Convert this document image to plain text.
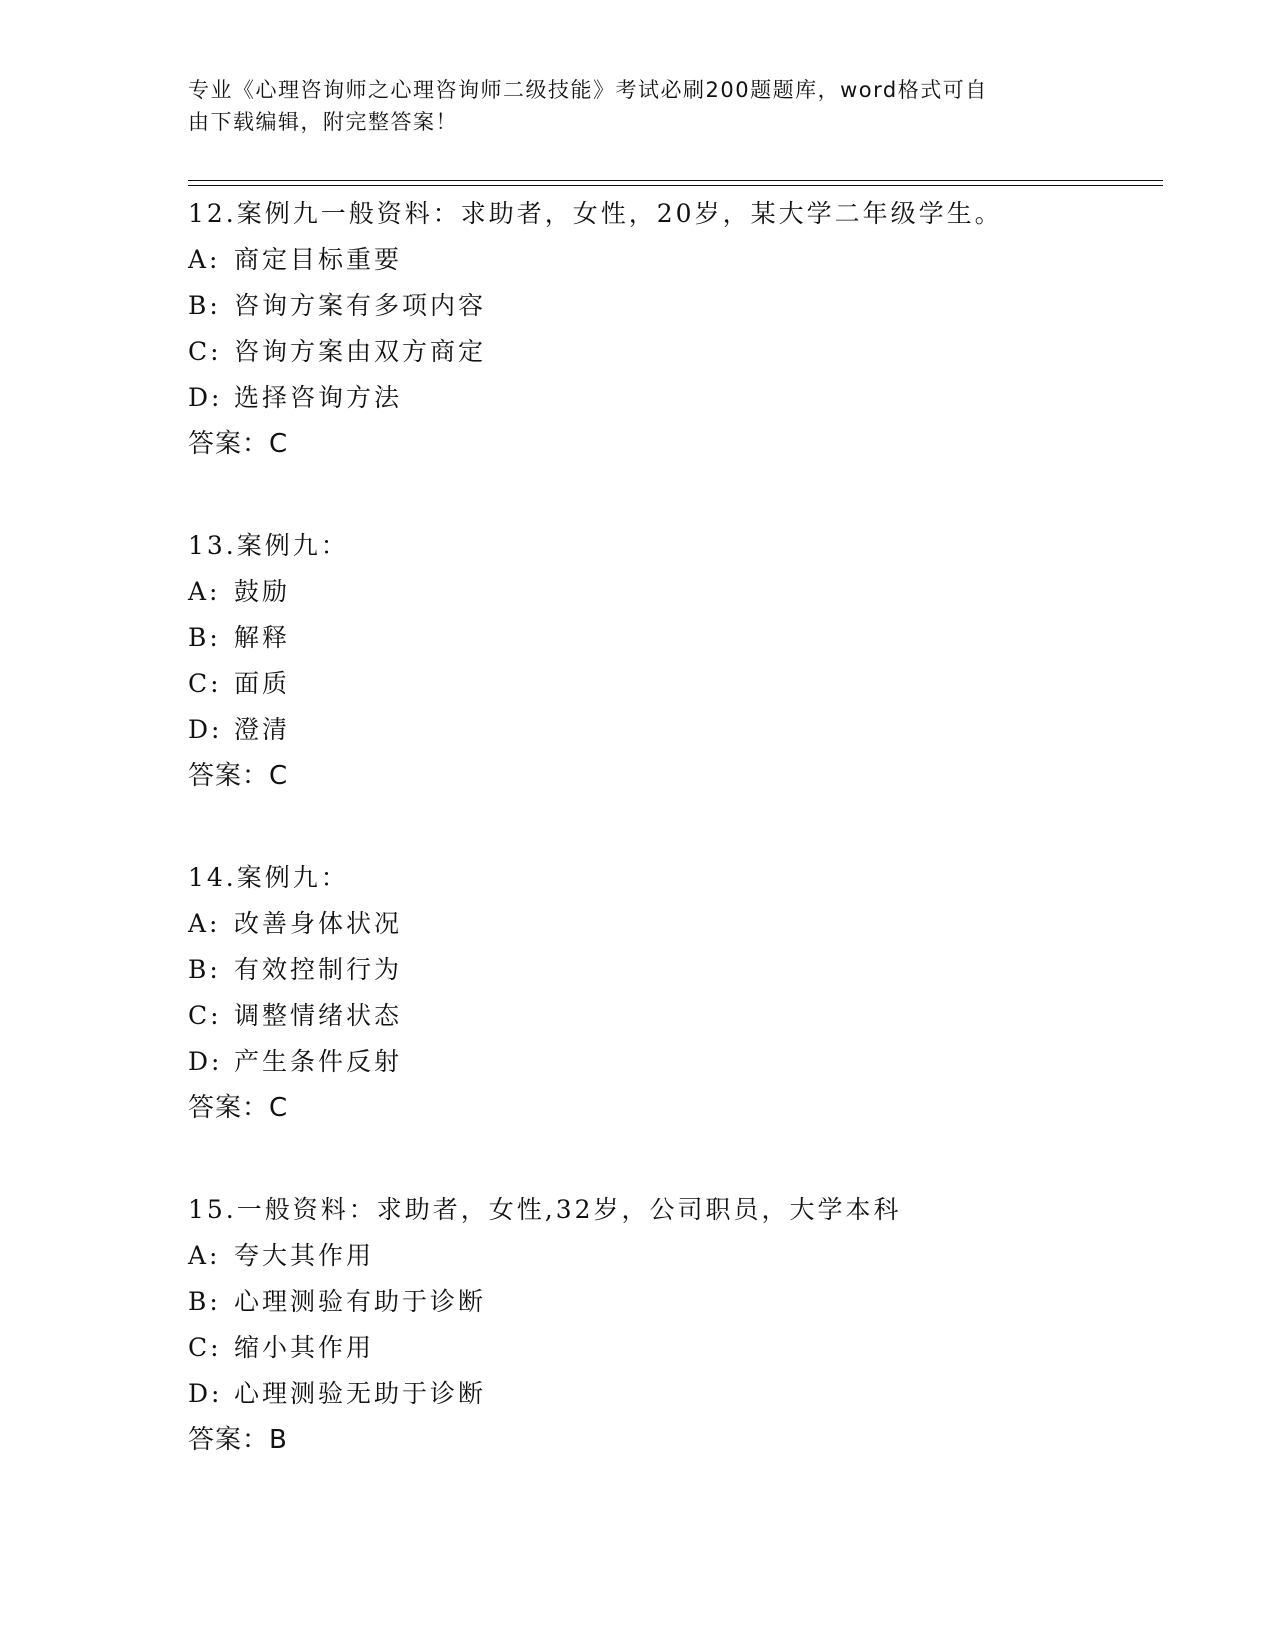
专业《心理咨询师之心理咨询师二级技能》考试必刷200题题库，word格式可自
由下载编辑，附完整答案！
12.案例九一般资料：求助者，女性，20岁，某大学二年级学生。
A: 商定目标重要
B: 咨询方案有多项内容
C: 咨询方案由双方商定
D: 选择咨询方法
答案：C
13.案例九：
A: 鼓励
B: 解释
C: 面质
D: 澄清
答案：C
14.案例九：
A: 改善身体状况
B: 有效控制行为
C: 调整情绪状态
D: 产生条件反射
答案：C
15.一般资料：求助者，女性,32岁，公司职员，大学本科
A: 夸大其作用
B: 心理测验有助于诊断
C: 缩小其作用
D: 心理测验无助于诊断
答案：B
